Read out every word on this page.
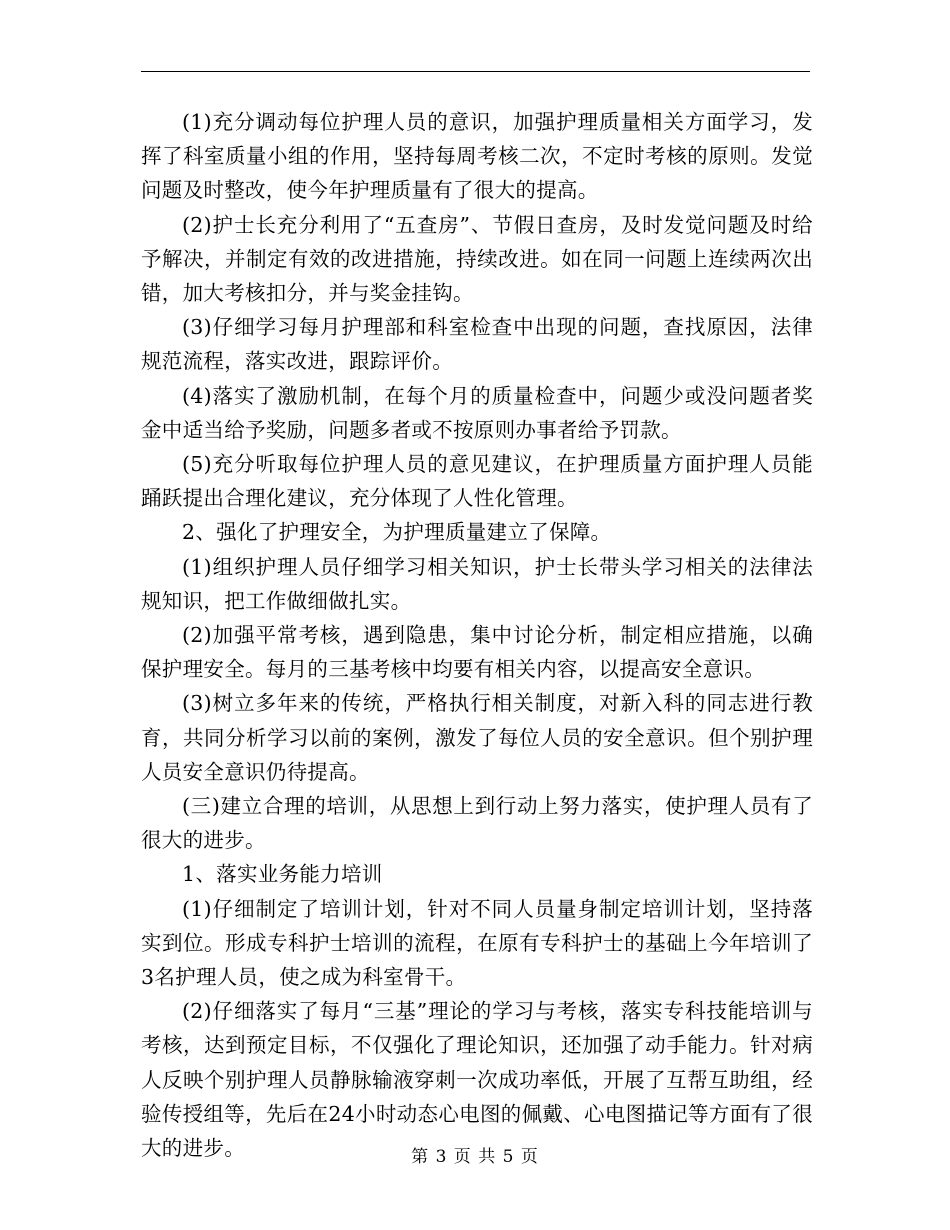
(1)充分调动每位护理人员的意识，加强护理质量相关方面学习，发挥了科室质量小组的作用，坚持每周考核二次，不定时考核的原则。发觉问题及时整改，使今年护理质量有了很大的提高。

(2)护士长充分利用了“五查房”、节假日查房，及时发觉问题及时给予解决，并制定有效的改进措施，持续改进。如在同一问题上连续两次出错，加大考核扣分，并与奖金挂钩。

(3)仔细学习每月护理部和科室检查中出现的问题，查找原因，法律规范流程，落实改进，跟踪评价。

(4)落实了激励机制，在每个月的质量检查中，问题少或没问题者奖金中适当给予奖励，问题多者或不按原则办事者给予罚款。

(5)充分听取每位护理人员的意见建议，在护理质量方面护理人员能踊跃提出合理化建议，充分体现了人性化管理。

2、强化了护理安全，为护理质量建立了保障。

(1)组织护理人员仔细学习相关知识，护士长带头学习相关的法律法规知识，把工作做细做扎实。

(2)加强平常考核，遇到隐患，集中讨论分析，制定相应措施，以确保护理安全。每月的三基考核中均要有相关内容，以提高安全意识。

(3)树立多年来的传统，严格执行相关制度，对新入科的同志进行教育，共同分析学习以前的案例，激发了每位人员的安全意识。但个别护理人员安全意识仍待提高。

(三)建立合理的培训，从思想上到行动上努力落实，使护理人员有了很大的进步。

1、落实业务能力培训

(1)仔细制定了培训计划，针对不同人员量身制定培训计划，坚持落实到位。形成专科护士培训的流程，在原有专科护士的基础上今年培训了3名护理人员，使之成为科室骨干。

(2)仔细落实了每月“三基”理论的学习与考核，落实专科技能培训与考核，达到预定目标，不仅强化了理论知识，还加强了动手能力。针对病人反映个别护理人员静脉输液穿刺一次成功率低，开展了互帮互助组，经验传授组等，先后在24小时动态心电图的佩戴、心电图描记等方面有了很大的进步。	第 3 页 共 5 页
